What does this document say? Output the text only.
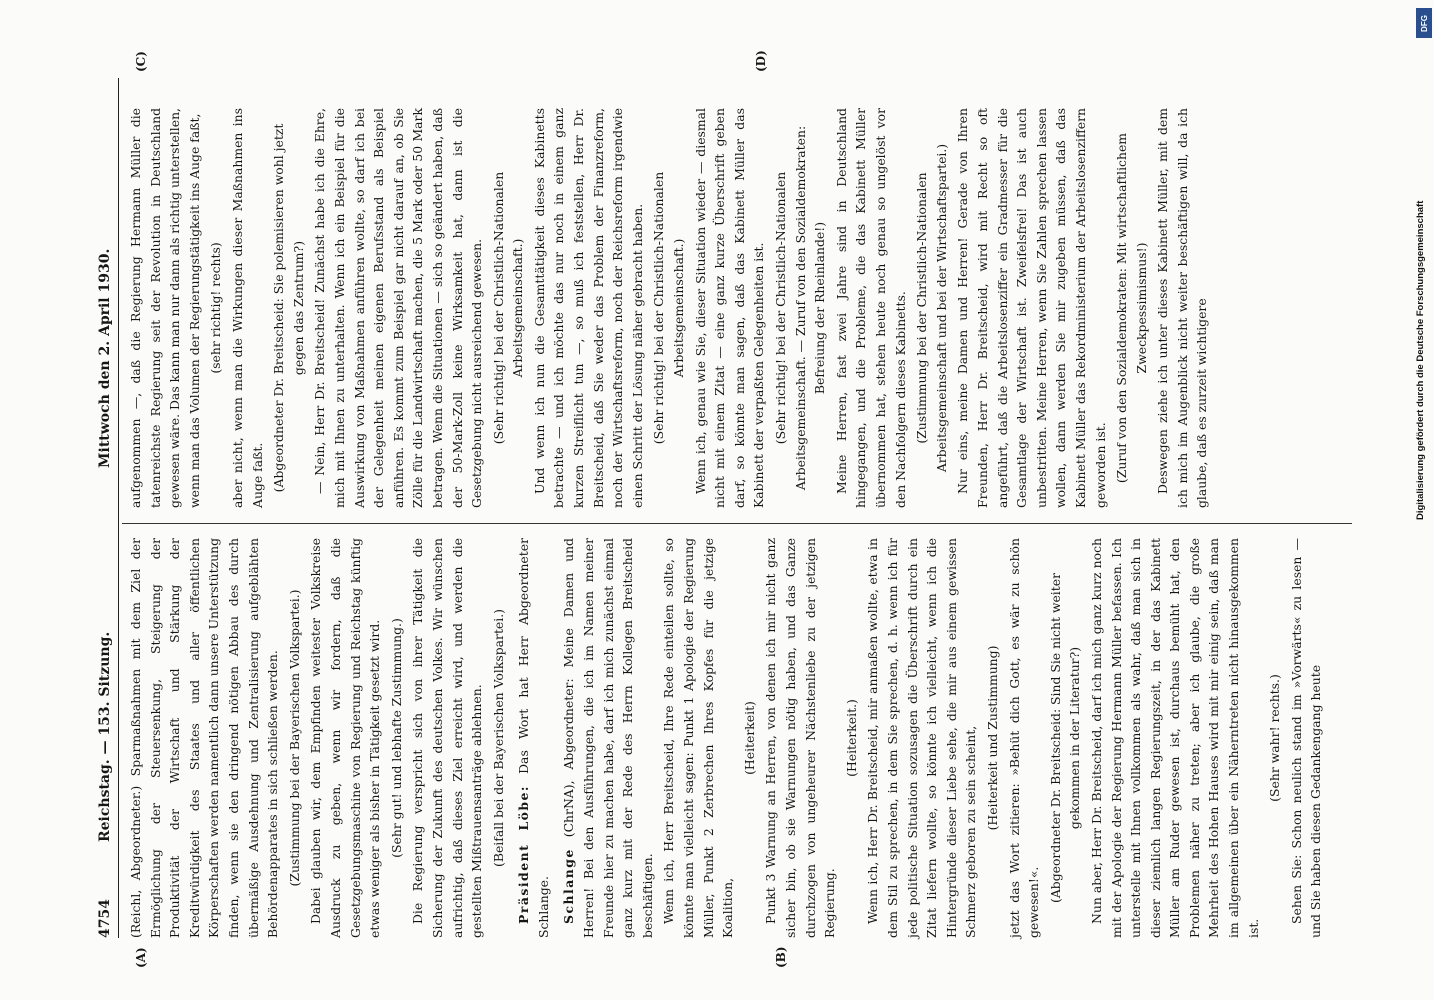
4754
Reichstag. — 153. Sitzung.
Mittwoch den 2. April 1930.
(A)	(B)
(C)	(D)

(Reichl, Abgeordneter.) Sparmaßnahmen mit dem Ziel der Ermöglichung der Steuersenkung, Steigerung der Produktivität der Wirtschaft und Stärkung der Kreditwürdigkeit des Staates und aller öffentlichen Körperschaften werden namentlich dann unsere Unterstützung finden, wenn sie den dringend nötigen Abbau des durch übermäßige Ausdehnung und Zentralisierung aufgeblähten Behördenapparates in sich schließen werden. (Zustimmung bei der Bayerischen Volkspartei.) Dabei glauben wir, dem Empfinden weitester Volkskreise Ausdruck zu geben, wenn wir fordern, daß die Gesetzgebungsmaschine von Regierung und Reichstag künftig etwas weniger als bisher in Tätigkeit gesetzt wird. (Sehr gut! und lebhafte Zustimmung.) Die Regierung verspricht sich von ihrer Tätigkeit die Sicherung der Zukunft des deutschen Volkes. Wir wünschen aufrichtig, daß dieses Ziel erreicht wird, und werden die gestellten Mißtrauensanträge ablehnen. (Beifall bei der Bayerischen Volkspartei.) Präsident Löbe: Das Wort hat Herr Abgeordneter Schlange. Schlange (ChrNA), Abgeordneter: Meine Damen und Herren! Bei den Ausführungen, die ich im Namen meiner Freunde hier zu machen habe, darf ich mich zunächst einmal ganz kurz mit der Rede des Herrn Kollegen Breitscheid beschäftigen. Wenn ich, Herr Breitscheid, Ihre Rede einteilen sollte, so könnte man vielleicht sagen: Punkt 1 Apologie der Regierung Müller, Punkt 2 Zerbrechen Ihres Kopfes für die jetzige Koalition,

(Heiterkeit) Punkt 3 Warnung an Herren, von denen ich mir nicht ganz sicher bin, ob sie Warnungen nötig haben, und das Ganze durchzogen von ungeheurer Nächstenliebe zu der jetzigen Regierung.

(Heiterkeit.) Wenn ich, Herr Dr. Breitscheid, mir anmaßen wollte, etwa in dem Stil zu sprechen, in dem Sie sprechen, d. h. wenn ich für jede politische Situation sozusagen die Überschrift durch ein Zitat liefern wollte, so könnte ich vielleicht, wenn ich die Hintergründe dieser Liebe sehe, die mir aus einem gewissen Schmerz geboren zu sein scheint, (Heiterkeit und Zustimmung) jetzt das Wort zitieren: »Behüt dich Gott, es wär zu schön gewesen!«. (Abgeordneter Dr. Breitscheid: Sind Sie nicht weiter gekommen in der Literatur?) Nun aber, Herr Dr. Breitscheid, darf ich mich ganz kurz noch mit der Apologie der Regierung Hermann Müller befassen. Ich unterstelle mit Ihnen vollkommen als wahr, daß man sich in dieser ziemlich langen Regierungszeit, in der das Kabinett Müller am Ruder gewesen ist, durchaus bemüht hat, den Problemen näher zu treten; aber ich glaube, die große Mehrheit des Hohen Hauses wird mit mir einig sein, daß man im allgemeinen über ein Näherntreten nicht hinausgekommen ist.

(Sehr wahr! rechts.) Sehen Sie: Schon neulich stand im »Vorwärts« zu lesen — und Sie haben diesen Gedankengang heute

aufgenommen —, daß die Regierung Hermann Müller die tatenreichste Regierung seit der Revolution in Deutschland gewesen wäre. Das kann man nur dann als richtig unterstellen, wenn man das Volumen der Regierungstätigkeit ins Auge faßt, (sehr richtig! rechts) aber nicht, wenn man die Wirkungen dieser Maßnahmen ins Auge faßt. (Abgeordneter Dr. Breitscheid: Sie polemisieren wohl jetzt gegen das Zentrum?) — Nein, Herr Dr. Breitscheid! Zunächst habe ich die Ehre, mich mit Ihnen zu unterhalten. Wenn ich ein Beispiel für die Auswirkung von Maßnahmen anführen wollte, so darf ich bei der Gelegenheit meinen eigenen Berufsstand als Beispiel anführen. Es kommt zum Beispiel gar nicht darauf an, ob Sie Zölle für die Landwirtschaft machen, die 5 Mark oder 50 Mark betragen. Wenn die Situationen — sich so geändert haben, daß der 50-Mark-Zoll keine Wirksamkeit hat, dann ist die Gesetzgebung nicht ausreichend gewesen. (Sehr richtig! bei der Christlich-Nationalen Arbeitsgemeinschaft.) Und wenn ich nun die Gesamttätigkeit dieses Kabinetts betrachte — und ich möchte das nur noch in einem ganz kurzen Streiflicht tun —, so muß ich feststellen, Herr Dr. Breitscheid, daß Sie weder das Problem der Finanzreform, noch der Wirtschaftsreform, noch der Reichsreform irgendwie einen Schritt der Lösung näher gebracht haben. (Sehr richtig! bei der Christlich-Nationalen Arbeitsgemeinschaft.) Wenn ich, genau wie Sie, dieser Situation wieder — diesmal nicht mit einem Zitat — eine ganz kurze Überschrift geben darf, so könnte man sagen, daß das Kabinett Müller das Kabinett der verpaßten Gelegenheiten ist. (Sehr richtig! bei der Christlich-Nationalen Arbeitsgemeinschaft. — Zuruf von den Sozialdemokraten: Befreiung der Rheinlande!) Meine Herren, fast zwei Jahre sind in Deutschland hingegangen, und die Probleme, die das Kabinett Müller übernommen hat, stehen heute noch genau so ungelöst vor den Nachfolgern dieses Kabinetts. (Zustimmung bei der Christlich-Nationalen Arbeitsgemeinschaft und bei der Wirtschaftspartei.) Nur eins, meine Damen und Herren! Gerade von Ihren Freunden, Herr Dr. Breitscheid, wird mit Recht so oft angeführt, daß die Arbeitslosenziffer ein Gradmesser für die Gesamtlage der Wirtschaft ist. Zweifelsfrei! Das ist auch unbestritten. Meine Herren, wenn Sie Zahlen sprechen lassen wollen, dann werden Sie mir zugeben müssen, daß das Kabinett Müller das Rekordministerium der Arbeitslosenziffern geworden ist. (Zuruf von den Sozialdemokraten: Mit wirtschaftlichem Zweckpessimismus!) Deswegen ziehe ich unter dieses Kabinett Müller, mit dem ich mich im Augenblick nicht weiter beschäftigen will, da ich glaube, daß es zurzeit wichtigere

DFG
Digitalisierung gefördert durch die Deutsche Forschungsgemeinschaft
